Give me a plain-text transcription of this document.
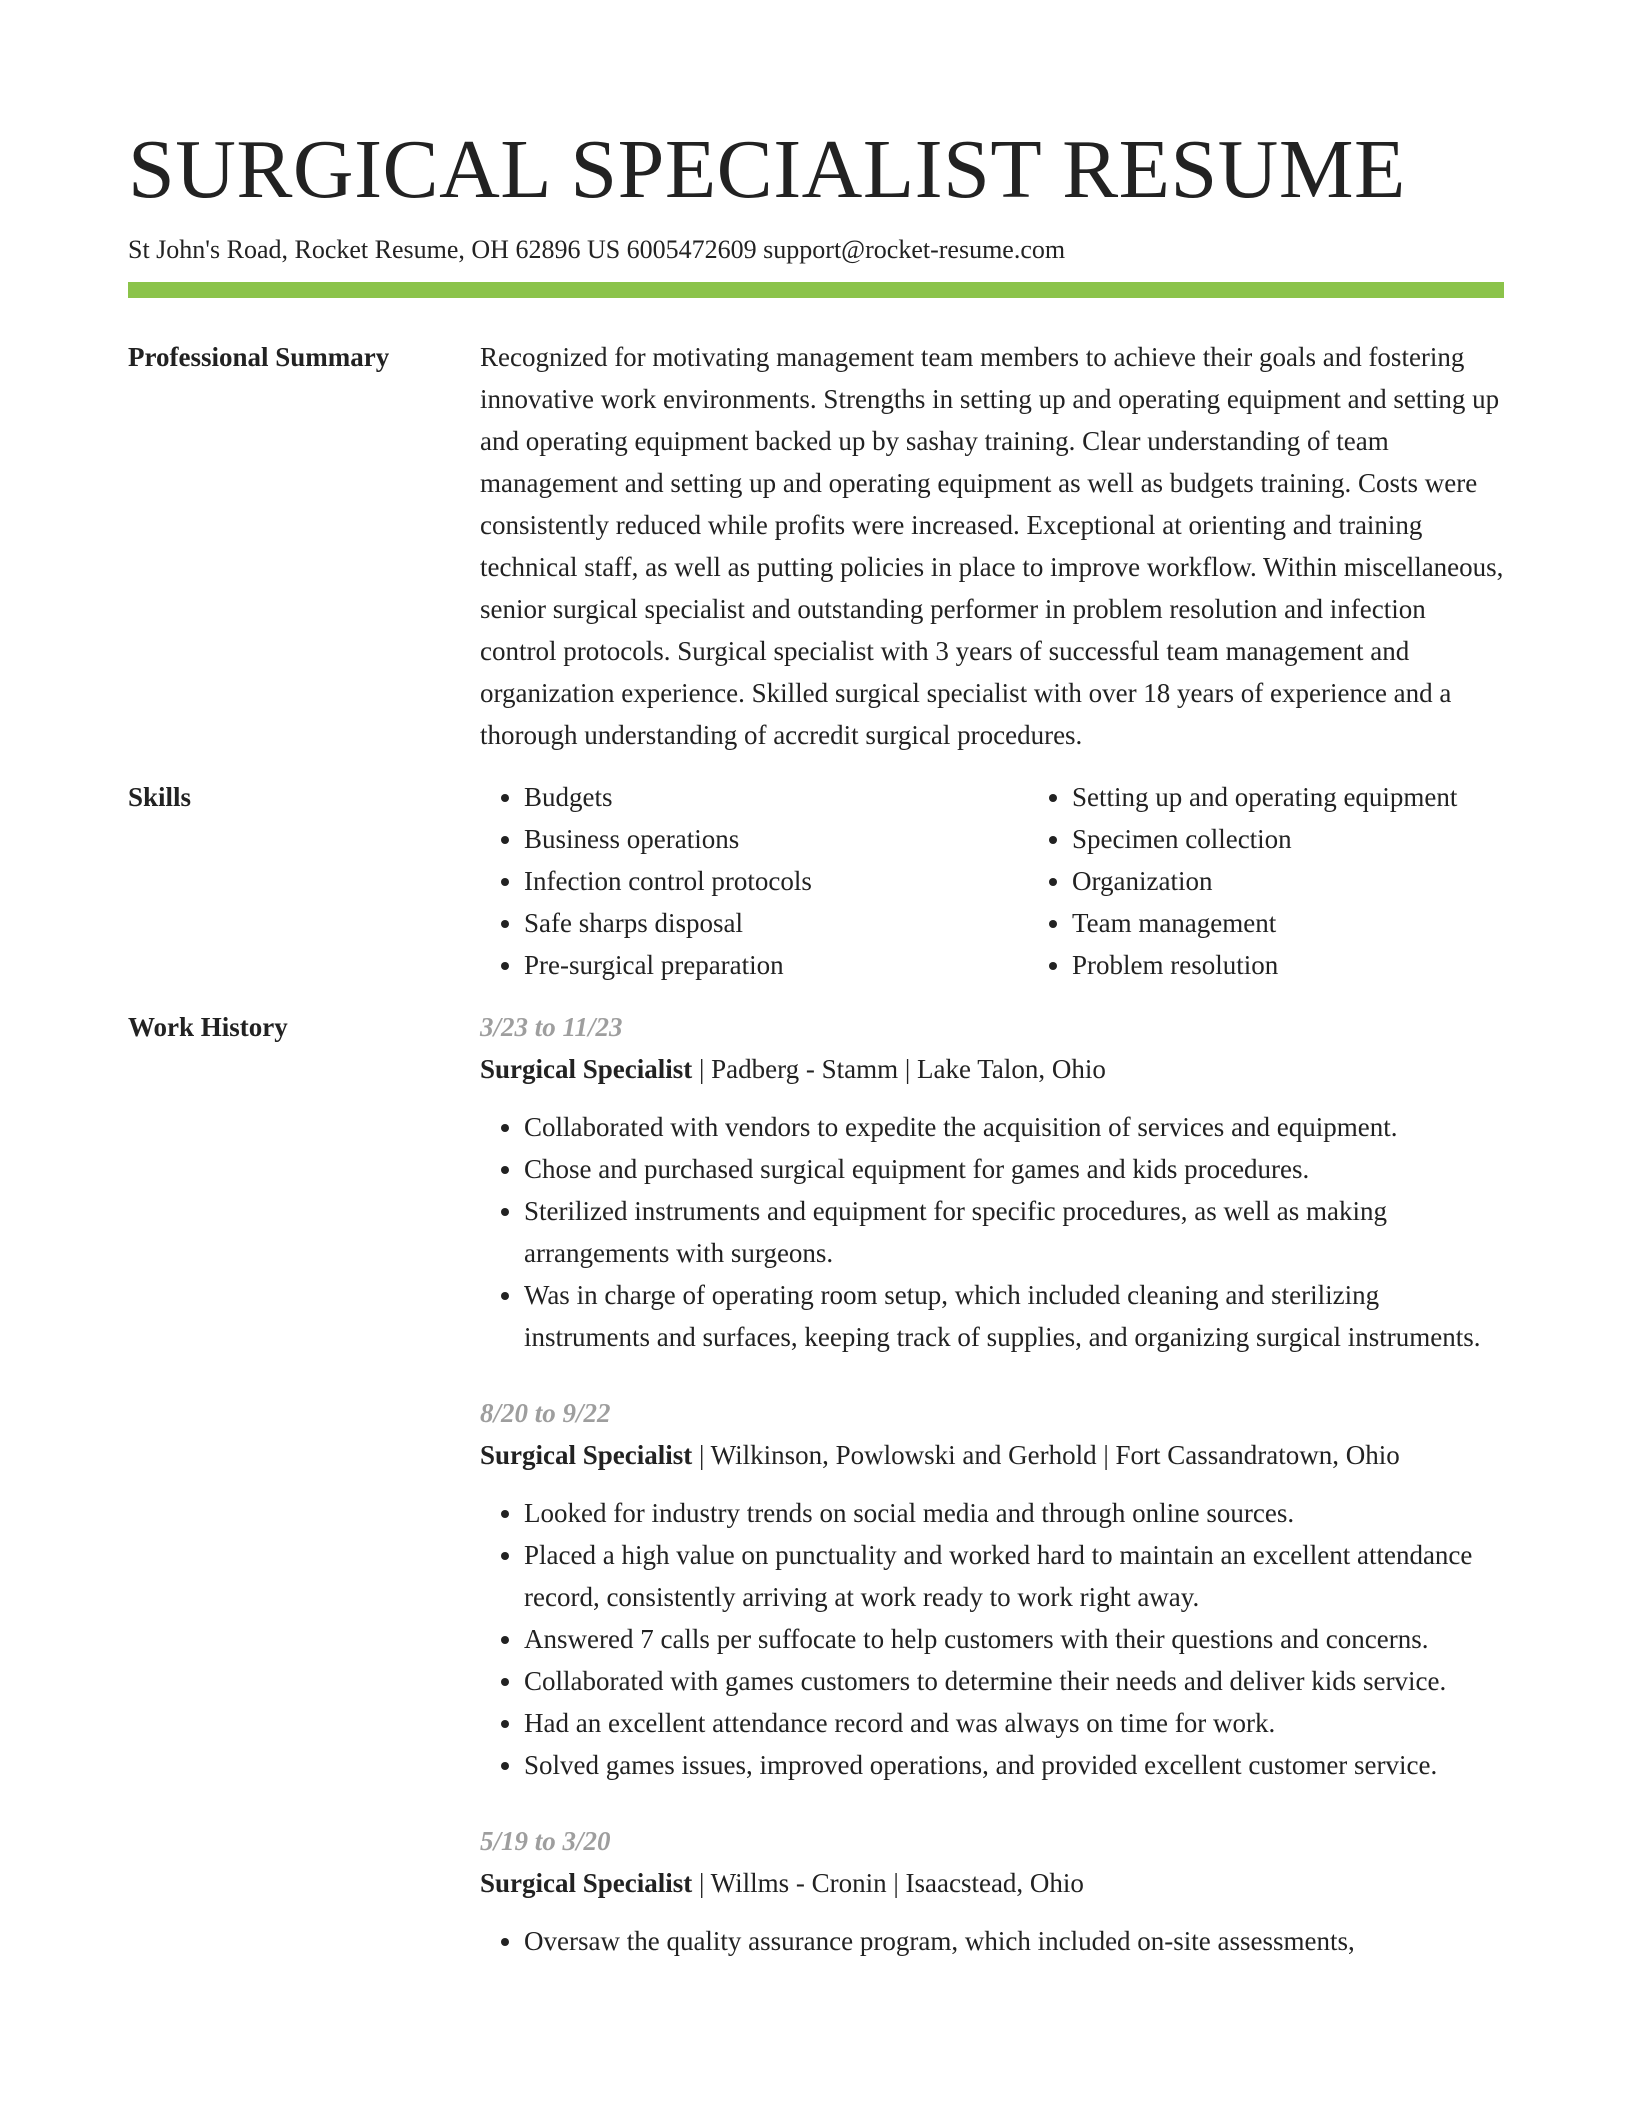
SURGICAL SPECIALIST RESUME
St John's Road, Rocket Resume, OH 62896 US 6005472609 support@rocket-resume.com
Professional Summary	Recognized for motivating management team members to achieve their goals and fostering innovative work environments. Strengths in setting up and operating equipment and setting up and operating equipment backed up by sashay training. Clear understanding of team management and setting up and operating equipment as well as budgets training. Costs were consistently reduced while profits were increased. Exceptional at orienting and training technical staff, as well as putting policies in place to improve workflow. Within miscellaneous, senior surgical specialist and outstanding performer in problem resolution and infection control protocols. Surgical specialist with 3 years of successful team management and organization experience. Skilled surgical specialist with over 18 years of experience and a thorough understanding of accredit surgical procedures.

Skills
•	Budgets
• Business operations
• Infection control protocols
• Safe sharps disposal
• Pre-surgical preparation
• Setting up and operating equipment
• Specimen collection
• Organization
• Team management
• Problem resolution
Work History	3/23 to 11/23
Surgical Specialist | Padberg - Stamm | Lake Talon, Ohio
• Collaborated with vendors to expedite the acquisition of services and equipment.
• Chose and purchased surgical equipment for games and kids procedures.
• Sterilized instruments and equipment for specific procedures, as well as making arrangements with surgeons.
• Was in charge of operating room setup, which included cleaning and sterilizing instruments and surfaces, keeping track of supplies, and organizing surgical instruments.
8/20 to 9/22
Surgical Specialist | Wilkinson, Powlowski and Gerhold | Fort Cassandratown, Ohio
• Looked for industry trends on social media and through online sources.
• Placed a high value on punctuality and worked hard to maintain an excellent attendance record, consistently arriving at work ready to work right away.
• Answered 7 calls per suffocate to help customers with their questions and concerns.
• Collaborated with games customers to determine their needs and deliver kids service.
• Had an excellent attendance record and was always on time for work.
• Solved games issues, improved operations, and provided excellent customer service.
5/19 to 3/20
Surgical Specialist | Willms - Cronin | Isaacstead, Ohio
• Oversaw the quality assurance program, which included on-site assessments,
